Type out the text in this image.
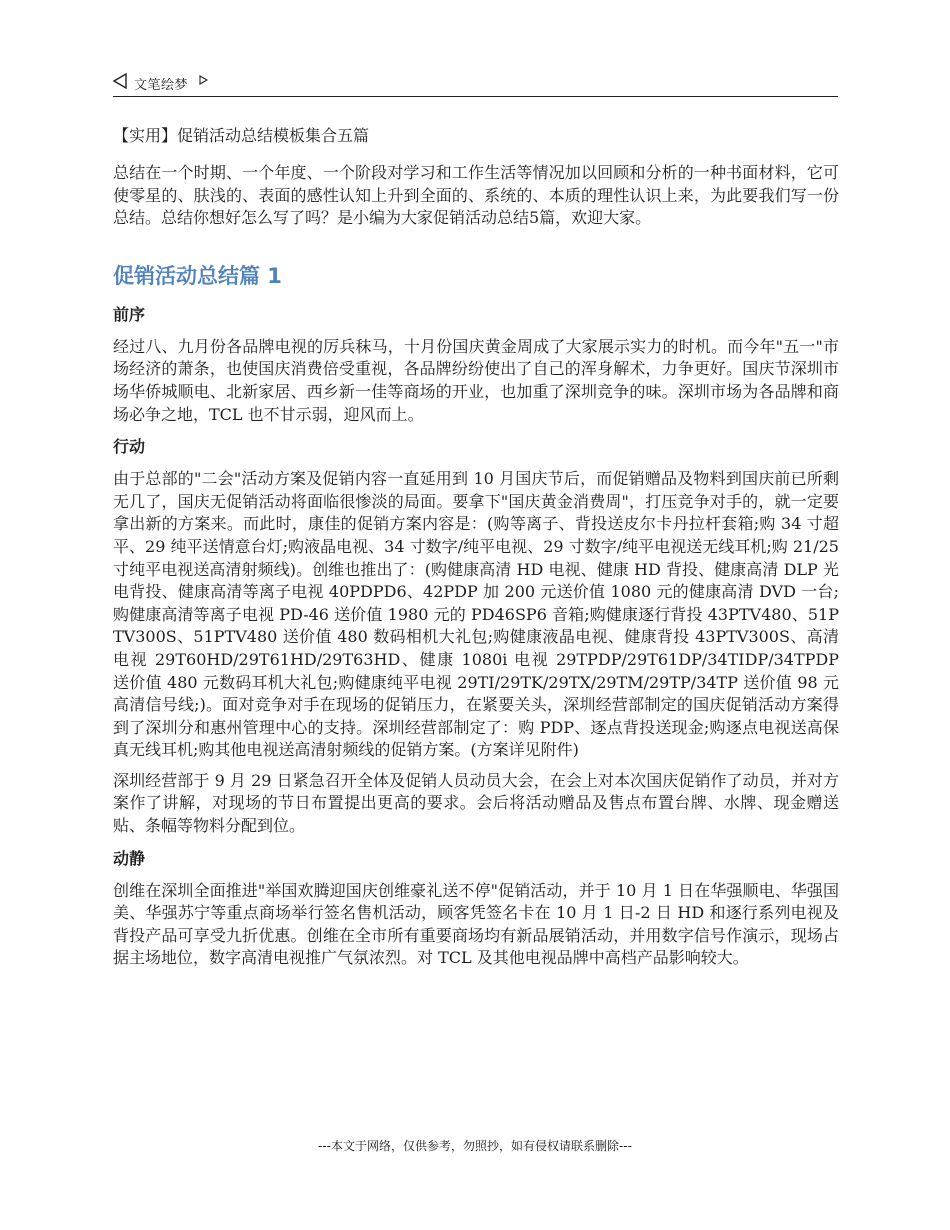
文笔绘梦
【实用】促销活动总结模板集合五篇

总结在一个时期、一个年度、一个阶段对学习和工作生活等情况加以回顾和分析的一种书面材料，它可使零星的、肤浅的、表面的感性认知上升到全面的、系统的、本质的理性认识上来，为此要我们写一份总结。总结你想好怎么写了吗？是小编为大家促销活动总结5篇，欢迎大家。

促销活动总结篇 1
前序

经过八、九月份各品牌电视的厉兵秣马，十月份国庆黄金周成了大家展示实力的时机。而今年"五一"市场经济的萧条，也使国庆消费倍受重视，各品牌纷纷使出了自己的浑身解术，力争更好。国庆节深圳市场华侨城顺电、北新家居、西乡新一佳等商场的开业，也加重了深圳竞争的味。深圳市场为各品牌和商场必争之地，TCL 也不甘示弱，迎风而上。

行动

由于总部的"二会"活动方案及促销内容一直延用到 10 月国庆节后，而促销赠品及物料到国庆前已所剩无几了，国庆无促销活动将面临很惨淡的局面。要拿下"国庆黄金消费周"，打压竞争对手的，就一定要拿出新的方案来。而此时，康佳的促销方案内容是：(购等离子、背投送皮尔卡丹拉杆套箱;购 34 寸超平、29 纯平送情意台灯;购液晶电视、34 寸数字/纯平电视、29 寸数字/纯平电视送无线耳机;购 21/25 寸纯平电视送高清射频线)。创维也推出了：(购健康高清 HD 电视、健康 HD 背投、健康高清 DLP 光电背投、健康高清等离子电视 40PDPD6、42PDP 加 200 元送价值 1080 元的健康高清 DVD 一台;购健康高清等离子电视 PD-46 送价值 1980 元的 PD46SP6 音箱;购健康逐行背投 43PTV480、51PTV300S、51PTV480 送价值 480 数码相机大礼包;购健康液晶电视、健康背投 43PTV300S、高清电视 29T60HD/29T61HD/29T63HD、健康 1080i 电视 29TPDP/29T61DP/34TIDP/34TPDP 送价值 480 元数码耳机大礼包;购健康纯平电视 29TI/29TK/29TX/29TM/29TP/34TP 送价值 98 元高清信号线;)。面对竞争对手在现场的促销压力，在紧要关头，深圳经营部制定的国庆促销活动方案得到了深圳分和惠州管理中心的支持。深圳经营部制定了：购 PDP、逐点背投送现金;购逐点电视送高保真无线耳机;购其他电视送高清射频线的促销方案。(方案详见附件)

深圳经营部于 9 月 29 日紧急召开全体及促销人员动员大会，在会上对本次国庆促销作了动员，并对方案作了讲解，对现场的节日布置提出更高的要求。会后将活动赠品及售点布置台牌、水牌、现金赠送贴、条幅等物料分配到位。

动静

创维在深圳全面推进"举国欢腾迎国庆创维豪礼送不停"促销活动，并于 10 月 1 日在华强顺电、华强国美、华强苏宁等重点商场举行签名售机活动，顾客凭签名卡在 10 月 1 日-2 日 HD 和逐行系列电视及背投产品可享受九折优惠。创维在全市所有重要商场均有新品展销活动，并用数字信号作演示，现场占据主场地位，数字高清电视推广气氛浓烈。对 TCL 及其他电视品牌中高档产品影响较大。

---本文于网络，仅供参考，勿照抄，如有侵权请联系删除---
